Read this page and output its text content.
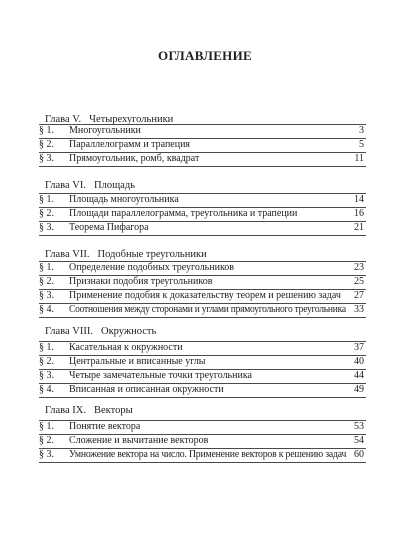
ОГЛАВЛЕНИЕ
Глава V. Четырехугольники
§ 1.	Многоугольники	3
§ 2.	Параллелограмм и трапеция	5
§ 3.	Прямоугольник, ромб, квадрат	11
Глава VI. Площадь
§ 1.	Площадь многоугольника	14
§ 2.	Площади параллелограмма, треугольника и трапеции	16
§ 3.	Теорема Пифагора	21
Глава VII. Подобные треугольники
§ 1.	Определение подобных треугольников	23
§ 2.	Признаки подобия треугольников	25
§ 3.	Применение подобия к доказательству теорем и решению задач 27
§ 4.	Соотношения между сторонами и углами прямоугольного треугольника 33
Глава VIII. Окружность
§ 1.	Касательная к окружности	37
§ 2.	Центральные и вписанные углы	40
§ 3.	Четыре замечательные точки треугольника	44
§ 4.	Вписанная и описанная окружности	49
Глава IX. Векторы
§ 1.	Понятие вектора	53
§ 2.	Сложение и вычитание векторов	54
§ 3.	Умножение вектора на число. Применение векторов к решению задач 60
